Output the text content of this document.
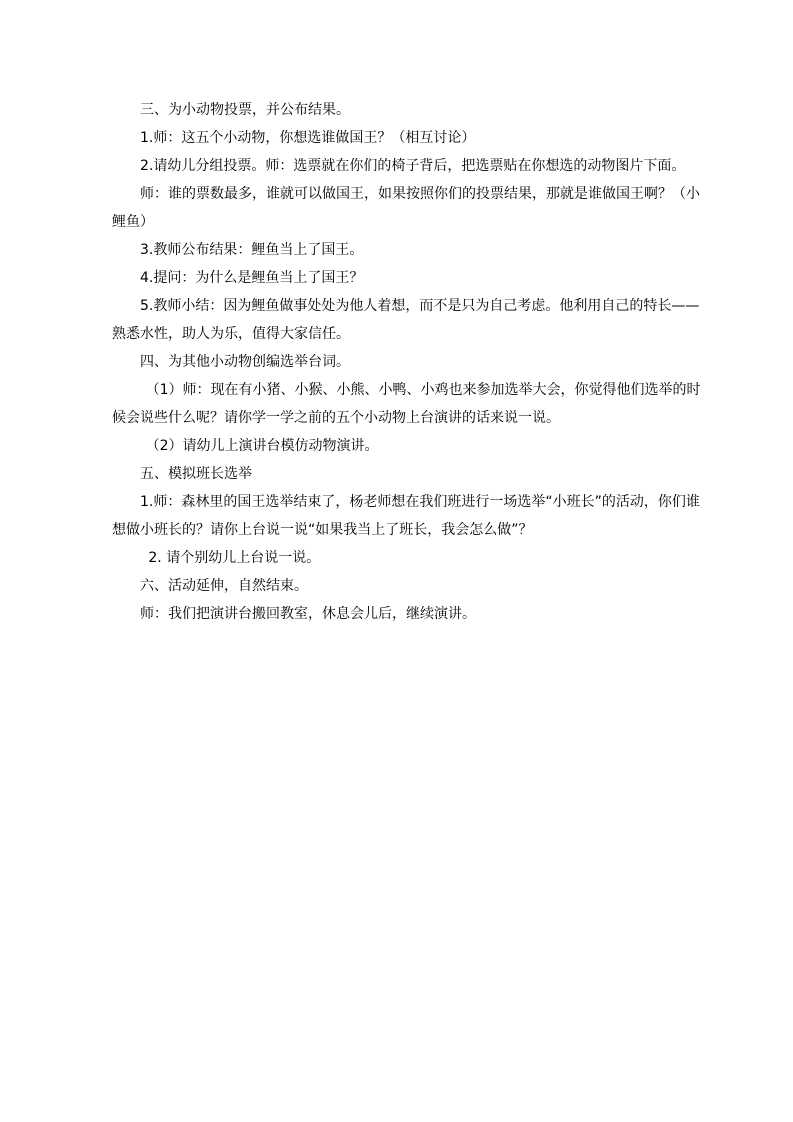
三、为小动物投票，并公布结果。

1.师：这五个小动物，你想选谁做国王？（相互讨论）

2.请幼儿分组投票。师：选票就在你们的椅子背后，把选票贴在你想选的动物图片下面。

师：谁的票数最多，谁就可以做国王，如果按照你们的投票结果，那就是谁做国王啊？（小鲤鱼）

3.教师公布结果：鲤鱼当上了国王。

4.提问：为什么是鲤鱼当上了国王？

5.教师小结：因为鲤鱼做事处处为他人着想，而不是只为自己考虑。他利用自己的特长——熟悉水性，助人为乐，值得大家信任。

四、为其他小动物创编选举台词。

（1）师：现在有小猪、小猴、小熊、小鸭、小鸡也来参加选举大会，你觉得他们选举的时候会说些什么呢？请你学一学之前的五个小动物上台演讲的话来说一说。

（2）请幼儿上演讲台模仿动物演讲。

五、模拟班长选举

1.师：森林里的国王选举结束了，杨老师想在我们班进行一场选举“小班长”的活动，你们谁想做小班长的？请你上台说一说“如果我当上了班长，我会怎么做”？

2. 请个别幼儿上台说一说。

六、活动延伸，自然结束。

师：我们把演讲台搬回教室，休息会儿后，继续演讲。
